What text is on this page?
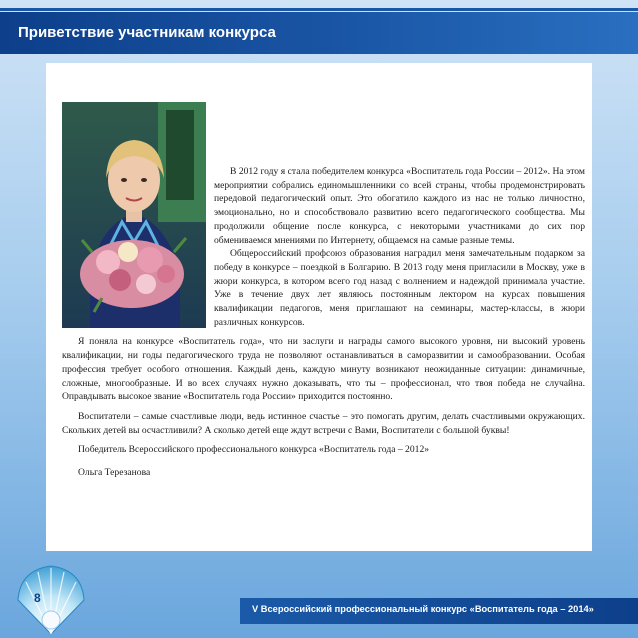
Приветствие участникам конкурса

В 2012 году я стала победителем конкурса «Воспитатель года России – 2012». На этом мероприятии собрались единомышленники со всей страны, чтобы продемонстрировать передовой педагогический опыт. Это обогатило каждого из нас не только личностно, эмоционально, но и способствовало развитию всего педагогического сообщества. Мы продолжили общение после конкурса, с некоторыми участниками до сих пор обмениваемся мнениями по Интернету, общаемся на самые разные темы.

Общероссийский профсоюз образования наградил меня замечательным подарком за победу в конкурсе – поездкой в Болгарию. В 2013 году меня пригласили в Москву, уже в жюри конкурса, в котором всего год назад с волнением и надеждой принимала участие. Уже в течение двух лет являюсь постоянным лектором на курсах повышения квалификации педагогов, меня приглашают на семинары, мастер-классы, в жюри различных конкурсов.

Я поняла на конкурсе «Воспитатель года», что ни заслуги и награды самого высокого уровня, ни высокий уровень квалификации, ни годы педагогического труда не позволяют останавливаться в саморазвитии и самообразовании. Особая профессия требует особого отношения. Каждый день, каждую минуту возникают неожиданные ситуации: динамичные, сложные, многообразные. И во всех случаях нужно доказывать, что ты – профессионал, что твоя победа не случайна. Оправдывать высокое звание «Воспитатель года России» приходится постоянно.

Воспитатели – самые счастливые люди, ведь истинное счастье – это помогать другим, делать счастливыми окружающих. Скольких детей вы осчастливили? А сколько детей еще ждут встречи с Вами, Воспитатели с большой буквы!

Победитель Всероссийского профессионального конкурса «Воспитатель года – 2012»

Ольга Терезанова

8
V Всероссийский профессиональный конкурс «Воспитатель года – 2014»
